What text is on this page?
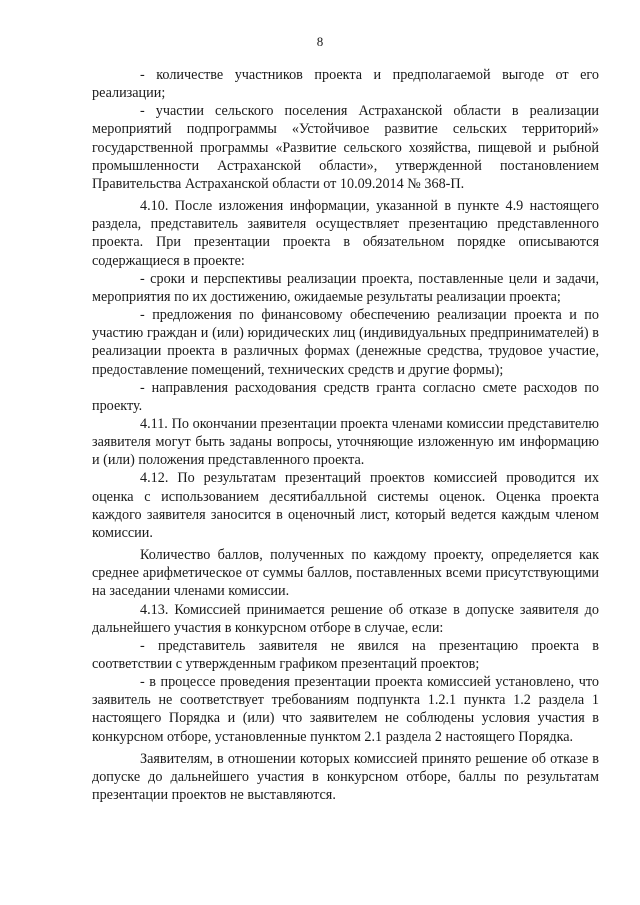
8

- количестве участников проекта и предполагаемой выгоде от его реализации;

- участии сельского поселения Астраханской области в реализации мероприятий подпрограммы «Устойчивое развитие сельских территорий» государственной программы «Развитие сельского хозяйства, пищевой и рыбной промышленности Астраханской области», утвержденной постановлением Правительства Астраханской области от 10.09.2014 № 368-П.

4.10. После изложения информации, указанной в пункте 4.9 настоящего раздела, представитель заявителя осуществляет презентацию представленного проекта. При презентации проекта в обязательном порядке описываются содержащиеся в проекте:

- сроки и перспективы реализации проекта, поставленные цели и задачи, мероприятия по их достижению, ожидаемые результаты реализации проекта;

- предложения по финансовому обеспечению реализации проекта и по участию граждан и (или) юридических лиц (индивидуальных предпринимателей) в реализации проекта в различных формах (денежные средства, трудовое участие, предоставление помещений, технических средств и другие формы);

- направления расходования средств гранта согласно смете расходов по проекту.

4.11. По окончании презентации проекта членами комиссии представителю заявителя могут быть заданы вопросы, уточняющие изложенную им информацию и (или) положения представленного проекта.

4.12. По результатам презентаций проектов комиссией проводится их оценка с использованием десятибалльной системы оценок. Оценка проекта каждого заявителя заносится в оценочный лист, который ведется каждым членом комиссии.

Количество баллов, полученных по каждому проекту, определяется как среднее арифметическое от суммы баллов, поставленных всеми присутствующими на заседании членами комиссии.

4.13. Комиссией принимается решение об отказе в допуске заявителя до дальнейшего участия в конкурсном отборе в случае, если:

- представитель заявителя не явился на презентацию проекта в соответствии с утвержденным графиком презентаций проектов;

- в процессе проведения презентации проекта комиссией установлено, что заявитель не соответствует требованиям подпункта 1.2.1 пункта 1.2 раздела 1 настоящего Порядка и (или) что заявителем не соблюдены условия участия в конкурсном отборе, установленные пунктом 2.1 раздела 2 настоящего Порядка.

Заявителям, в отношении которых комиссией принято решение об отказе в допуске до дальнейшего участия в конкурсном отборе, баллы по результатам презентации проектов не выставляются.
